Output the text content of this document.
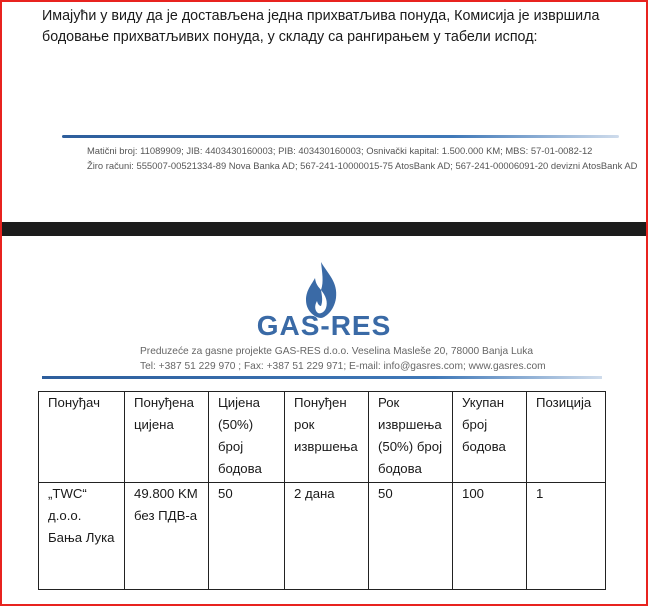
Имајући у виду да је достављена једна прихватљива понуда, Комисија је извршила
бодовање прихватљивих понуда, у складу са рангирањем у табели испод:
Matični broj: 11089909; JIB: 4403430160003; PIB: 403430160003; Osnivački kapital: 1.500.000 KM; MBS: 57-01-0082-12
Žiro računi: 555007-00521334-89 Nova Banka AD; 567-241-10000015-75 AtosBank AD; 567-241-00006091-20 devizni AtosBank AD
GAS-RES
Preduzeće za gasne projekte GAS-RES d.o.o. Veselina Masleše 20, 78000 Banja Luka
Tel: +387 51 229 970 ; Fax: +387 51 229 971; E-mail: info@gasres.com; www.gasres.com
Понуђач	Понуђена цијена	Цијена (50%) број бодова	Понуђен рок извршења	Рок извршења (50%) број бодова	Укупан број бодова	Позиција
„TWC“ д.о.о. Бања Лука	49.800 KM без ПДВ-а	50	2 дана	50	100	1
